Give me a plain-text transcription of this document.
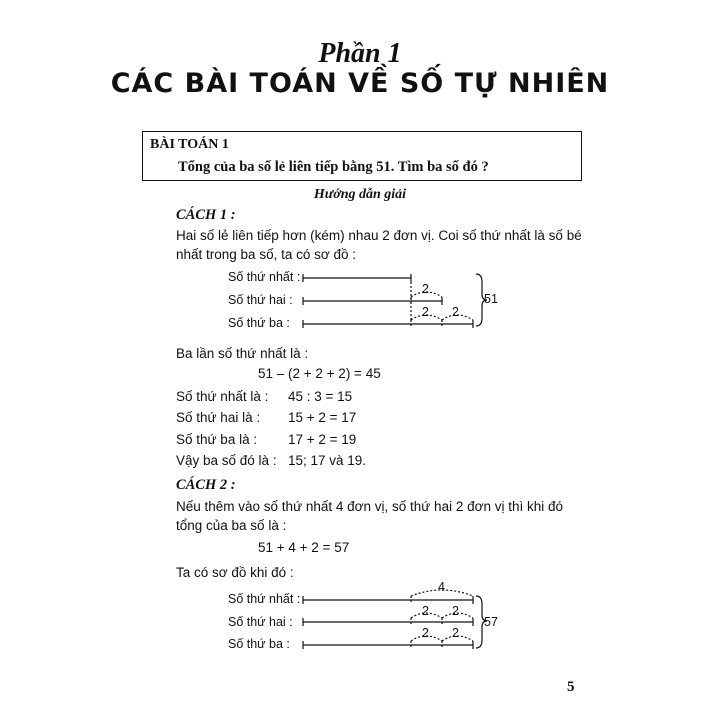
Phần 1
CÁC BÀI TOÁN VỀ SỐ TỰ NHIÊN
BÀI TOÁN 1
Tổng của ba số lẻ liên tiếp bằng 51. Tìm ba số đó ?
Hướng dẫn giải
CÁCH 1 :
Hai số lẻ liên tiếp hơn (kém) nhau 2 đơn vị. Coi số thứ nhất là số bé
nhất trong ba số, ta có sơ đồ :
Số thứ nhất :
Số thứ hai :
Số thứ ba :
2
2 2
51
Ba lần số thứ nhất là :
51 – (2 + 2 + 2) = 45
Số thứ nhất là : 45 : 3 = 15
Số thứ hai là : 15 + 2 = 17
Số thứ ba là : 17 + 2 = 19
Vậy ba số đó là : 15; 17 và 19.
CÁCH 2 :
Nếu thêm vào số thứ nhất 4 đơn vị, số thứ hai 2 đơn vị thì khi đó
tổng của ba số là :
51 + 4 + 2 = 57
Ta có sơ đồ khi đó :
Số thứ nhất :
Số thứ hai :
Số thứ ba :
4
2 2
2 2
57
5
